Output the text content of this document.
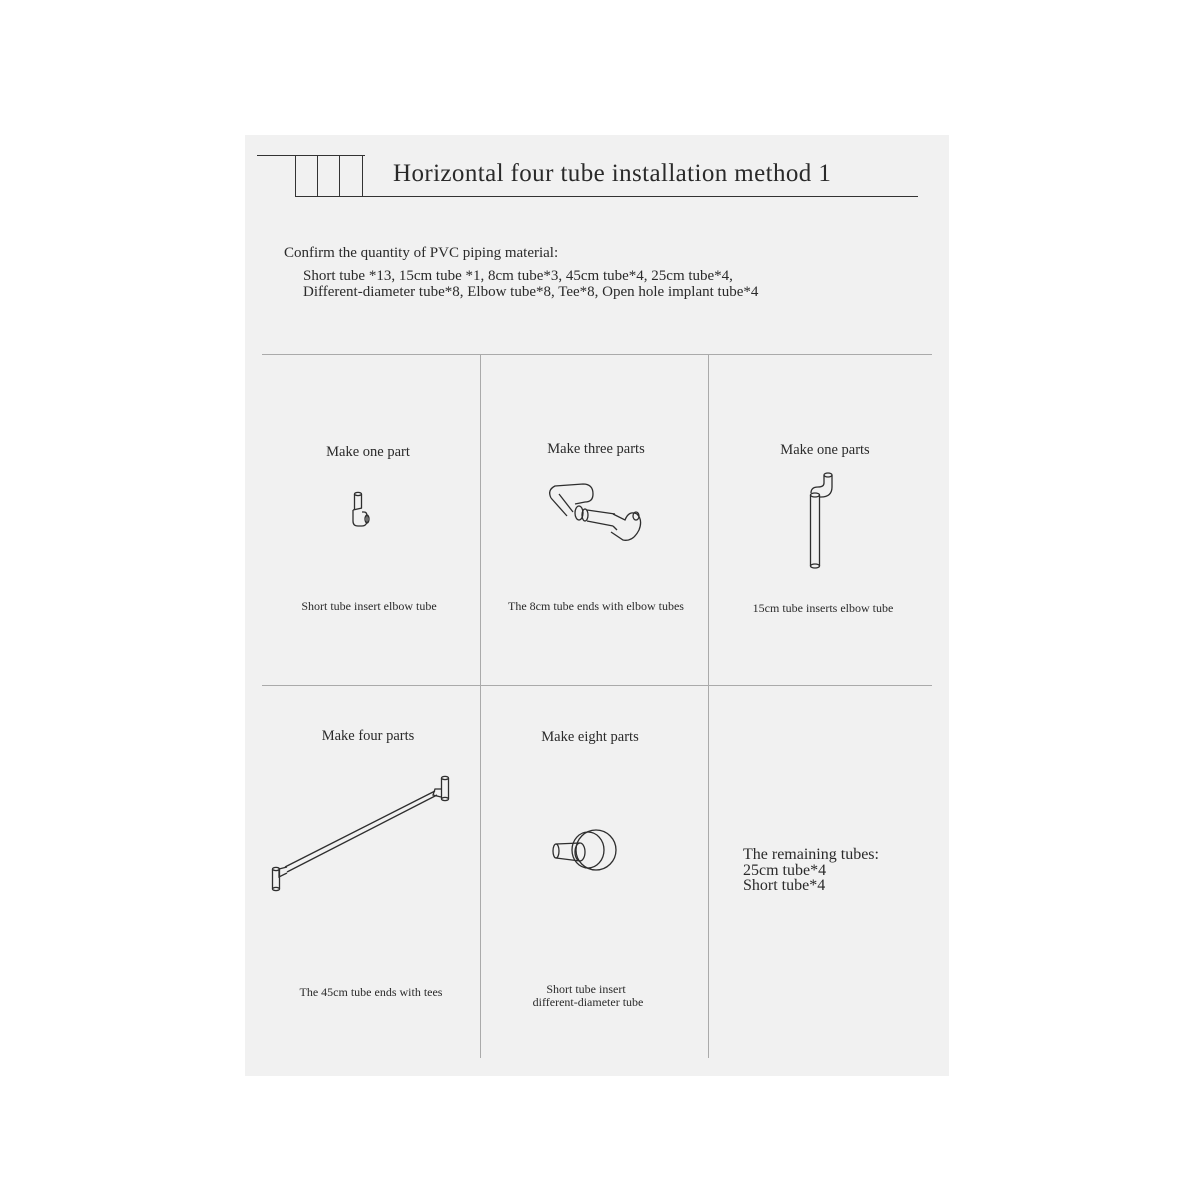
Horizontal four tube installation method 1
Confirm the quantity of PVC piping material:
Short tube *13, 15cm tube *1, 8cm tube*3, 45cm tube*4, 25cm tube*4,
Different-diameter tube*8, Elbow tube*8, Tee*8, Open hole implant tube*4
Make one part
Short tube insert elbow tube
Make three parts
The 8cm tube ends with elbow tubes
Make one parts
15cm tube inserts elbow tube
Make four parts
The 45cm tube ends with tees
Make eight parts
Short tube insert
different-diameter tube
The remaining tubes:
25cm tube*4
Short tube*4
